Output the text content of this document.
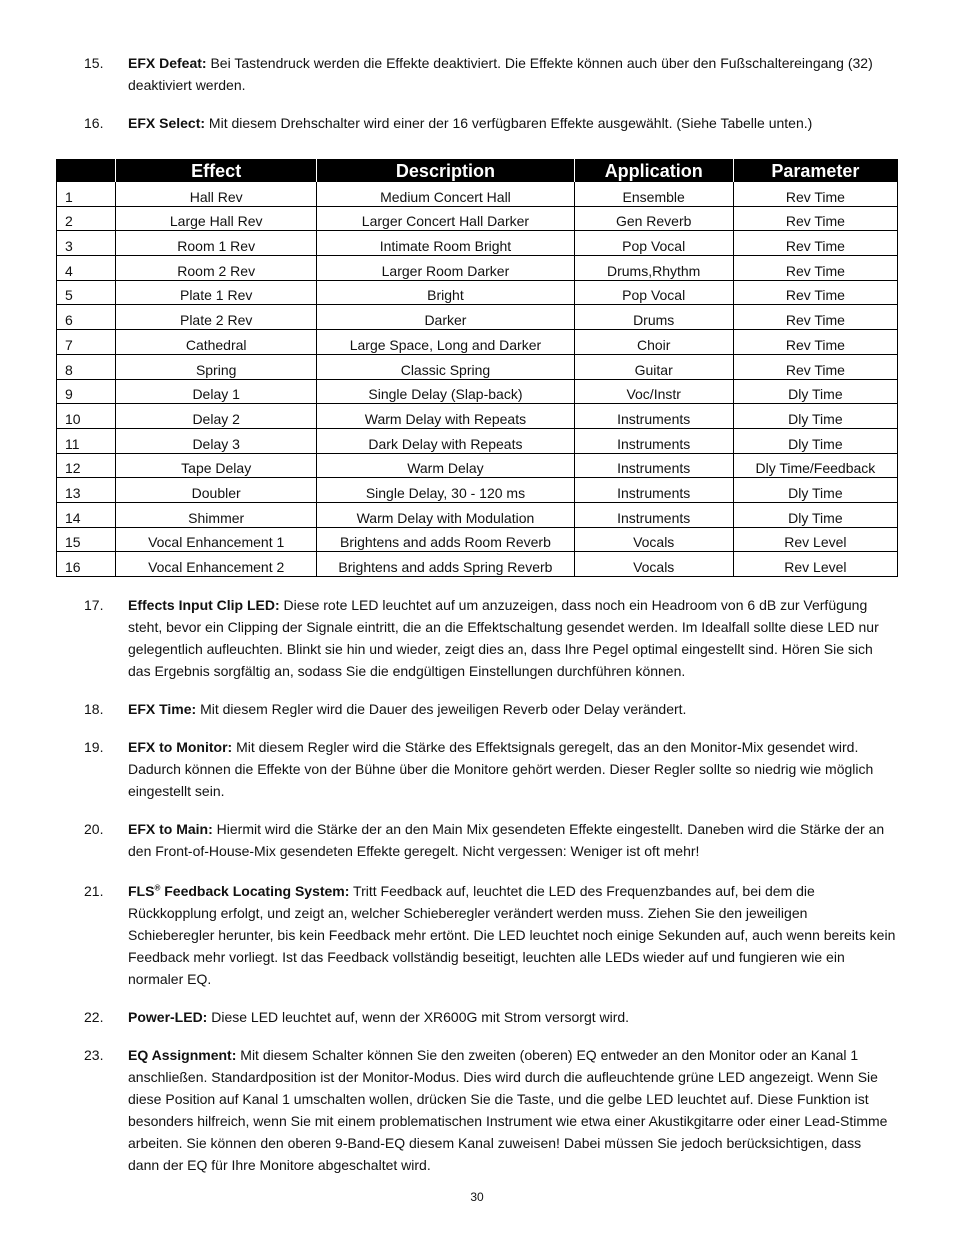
15.	EFX Defeat: Bei Tastendruck werden die Effekte deaktiviert. Die Effekte können auch über den Fußschaltereingang (32) deaktiviert werden.
16.	EFX Select: Mit diesem Drehschalter wird einer der 16 verfügbaren Effekte ausgewählt. (Siehe Tabelle unten.)
	Effect	Description	Application	Parameter
1	Hall Rev	Medium Concert Hall	Ensemble	Rev Time
2	Large Hall Rev	Larger Concert Hall Darker	Gen Reverb	Rev Time
3	Room 1 Rev	Intimate Room Bright	Pop Vocal	Rev Time
4	Room 2 Rev	Larger Room Darker	Drums,Rhythm	Rev Time
5	Plate 1 Rev	Bright	Pop Vocal	Rev Time
6	Plate 2 Rev	Darker	Drums	Rev Time
7	Cathedral	Large Space, Long and Darker	Choir	Rev Time
8	Spring	Classic Spring	Guitar	Rev Time
9	Delay 1	Single Delay (Slap-back)	Voc/Instr	Dly Time
10	Delay 2	Warm Delay with Repeats	Instruments	Dly Time
11	Delay 3	Dark Delay with Repeats	Instruments	Dly Time
12	Tape Delay	Warm Delay	Instruments	Dly Time/Feedback
13	Doubler	Single Delay, 30 - 120 ms	Instruments	Dly Time
14	Shimmer	Warm Delay with Modulation	Instruments	Dly Time
15	Vocal Enhancement 1	Brightens and adds Room Reverb	Vocals	Rev Level
16	Vocal Enhancement 2	Brightens and adds Spring Reverb	Vocals	Rev Level
17.	Effects Input Clip LED: Diese rote LED leuchtet auf um anzuzeigen, dass noch ein Headroom von 6 dB zur Verfügung steht, bevor ein Clipping der Signale eintritt, die an die Effektschaltung gesendet werden. Im Idealfall sollte diese LED nur gelegentlich aufleuchten. Blinkt sie hin und wieder, zeigt dies an, dass Ihre Pegel optimal eingestellt sind. Hören Sie sich das Ergebnis sorgfältig an, sodass Sie die endgültigen Einstellungen durchführen können.
18.	EFX Time: Mit diesem Regler wird die Dauer des jeweiligen Reverb oder Delay verändert.
19.	EFX to Monitor: Mit diesem Regler wird die Stärke des Effektsignals geregelt, das an den Monitor-Mix gesendet wird. Dadurch können die Effekte von der Bühne über die Monitore gehört werden. Dieser Regler sollte so niedrig wie möglich eingestellt sein.
20.	EFX to Main: Hiermit wird die Stärke der an den Main Mix gesendeten Effekte eingestellt. Daneben wird die Stärke der an den Front-of-House-Mix gesendeten Effekte geregelt. Nicht vergessen: Weniger ist oft mehr!
21.	FLS® Feedback Locating System: Tritt Feedback auf, leuchtet die LED des Frequenzbandes auf, bei dem die Rückkopplung erfolgt, und zeigt an, welcher Schieberegler verändert werden muss. Ziehen Sie den jeweiligen Schieberegler herunter, bis kein Feedback mehr ertönt. Die LED leuchtet noch einige Sekunden auf, auch wenn bereits kein Feedback mehr vorliegt. Ist das Feedback vollständig beseitigt, leuchten alle LEDs wieder auf und fungieren wie ein normaler EQ.
22.	Power-LED: Diese LED leuchtet auf, wenn der XR600G mit Strom versorgt wird.
23.	EQ Assignment: Mit diesem Schalter können Sie den zweiten (oberen) EQ entweder an den Monitor oder an Kanal 1 anschließen. Standardposition ist der Monitor-Modus. Dies wird durch die aufleuchtende grüne LED angezeigt. Wenn Sie diese Position auf Kanal 1 umschalten wollen, drücken Sie die Taste, und die gelbe LED leuchtet auf. Diese Funktion ist besonders hilfreich, wenn Sie mit einem problematischen Instrument wie etwa einer Akustikgitarre oder einer Lead-Stimme arbeiten. Sie können den oberen 9-Band-EQ diesem Kanal zuweisen! Dabei müssen Sie jedoch berücksichtigen, dass dann der EQ für Ihre Monitore abgeschaltet wird.
30
